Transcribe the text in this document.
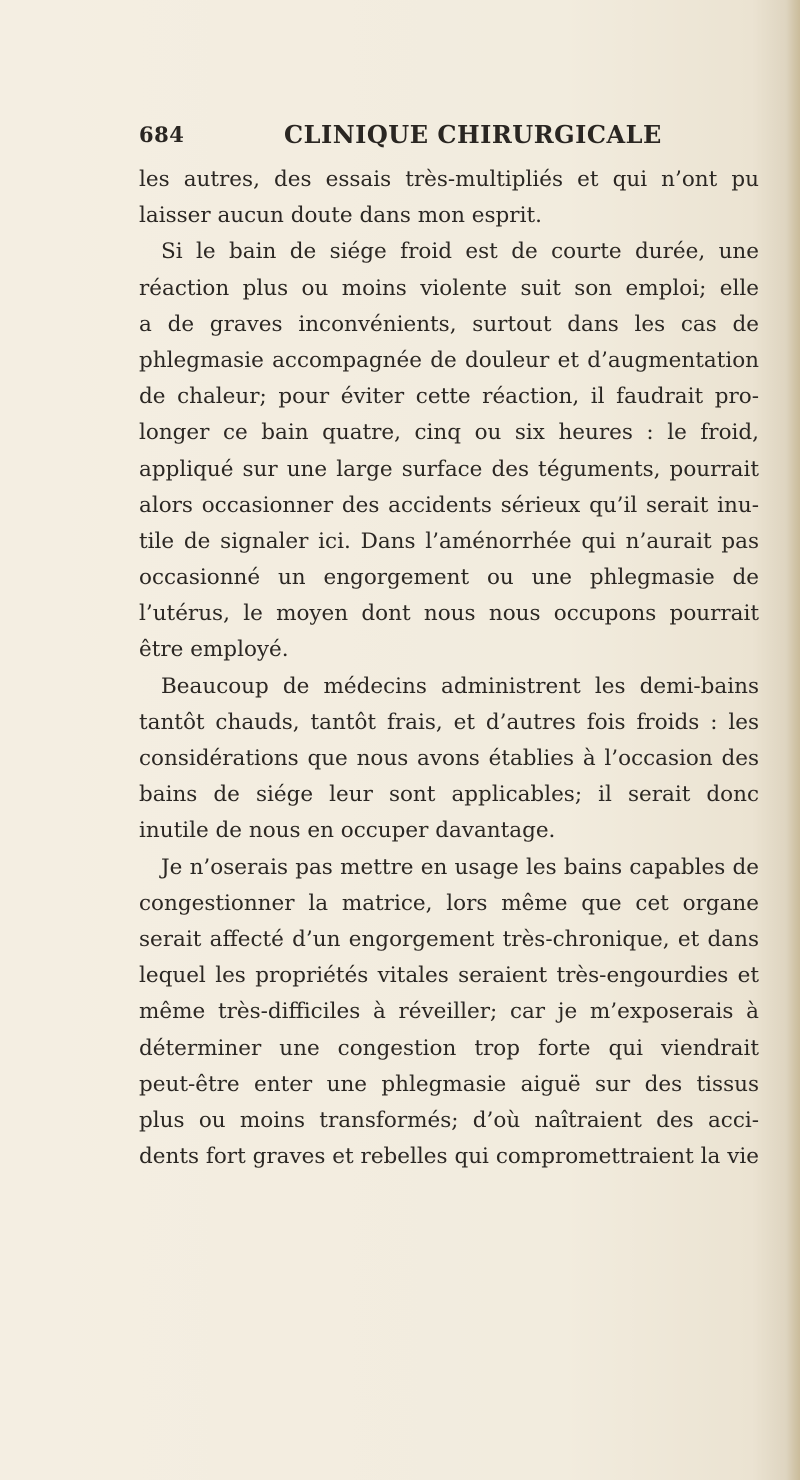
684	CLINIQUE CHIRURGICALE
les autres, des essais très-multipliés et qui n’ont pu
laisser aucun doute dans mon esprit.
Si le bain de siége froid est de courte durée, une
réaction plus ou moins violente suit son emploi; elle
a de graves inconvénients, surtout dans les cas de
phlegmasie accompagnée de douleur et d’augmentation
de chaleur; pour éviter cette réaction, il faudrait pro-
longer ce bain quatre, cinq ou six heures : le froid,
appliqué sur une large surface des téguments, pourrait
alors occasionner des accidents sérieux qu’il serait inu-
tile de signaler ici. Dans l’aménorrhée qui n’aurait pas
occasionné un engorgement ou une phlegmasie de
l’utérus, le moyen dont nous nous occupons pourrait
être employé.
Beaucoup de médecins administrent les demi-bains
tantôt chauds, tantôt frais, et d’autres fois froids : les
considérations que nous avons établies à l’occasion des
bains de siége leur sont applicables; il serait donc
inutile de nous en occuper davantage.
Je n’oserais pas mettre en usage les bains capables de
congestionner la matrice, lors même que cet organe
serait affecté d’un engorgement très-chronique, et dans
lequel les propriétés vitales seraient très-engourdies et
même très-difficiles à réveiller; car je m’exposerais à
déterminer une congestion trop forte qui viendrait
peut-être enter une phlegmasie aiguë sur des tissus
plus ou moins transformés; d’où naîtraient des acci-
dents fort graves et rebelles qui compromettraient la vie
